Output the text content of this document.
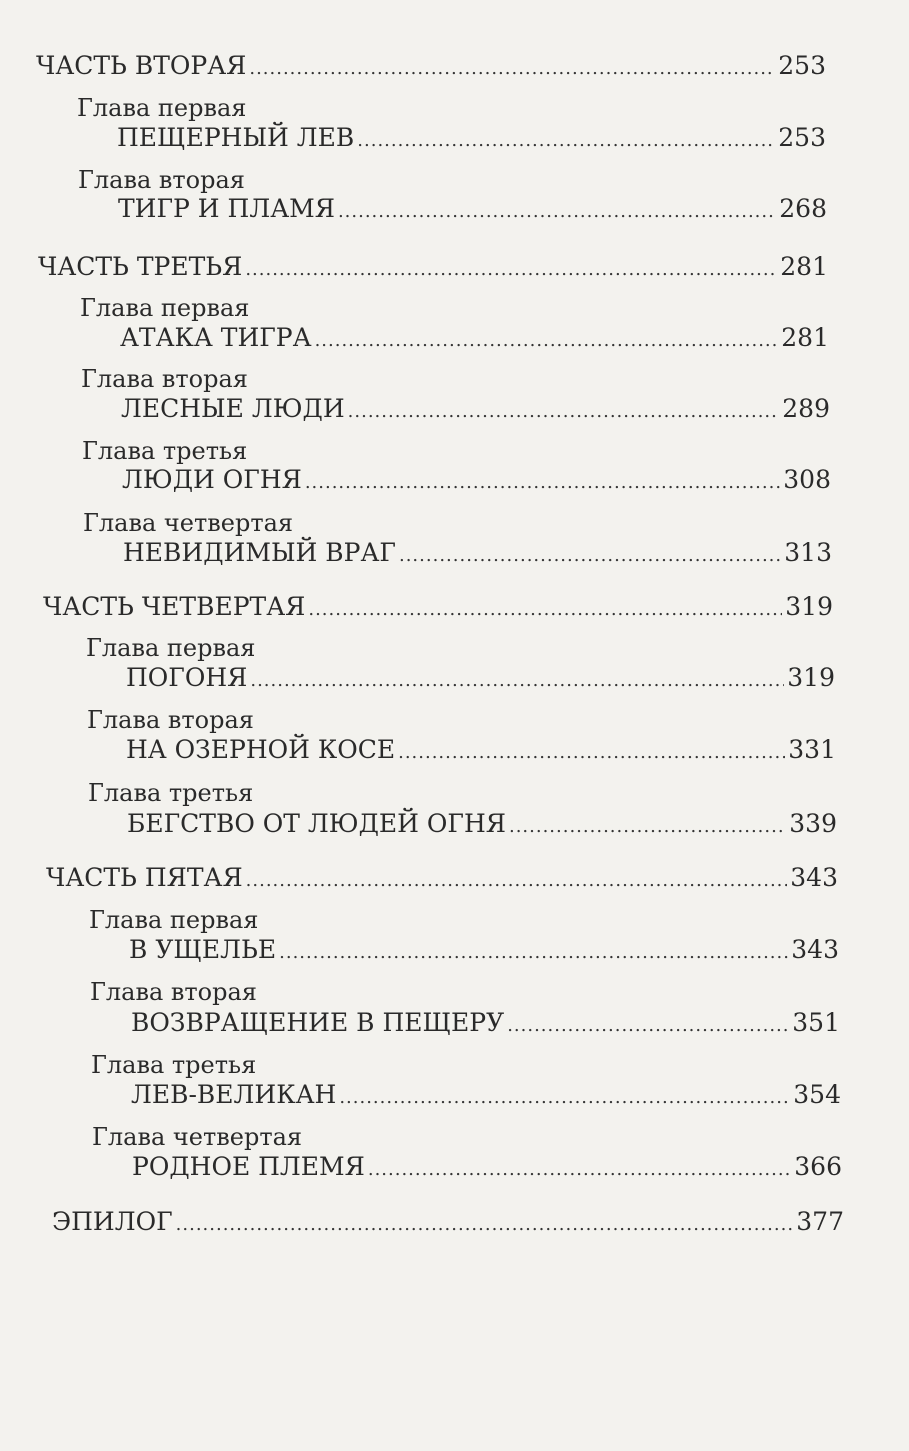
ЧАСТЬ ВТОРАЯ .....	253
Глава первая
ПЕЩЕРНЫЙ ЛЕВ .....	253
Глава вторая
ТИГР И ПЛАМЯ .....	268
ЧАСТЬ ТРЕТЬЯ .....	281
Глава первая
АТАКА ТИГРА .....	281
Глава вторая
ЛЕСНЫЕ ЛЮДИ .....	289
Глава третья
ЛЮДИ ОГНЯ .....	308
Глава четвертая
НЕВИДИМЫЙ ВРАГ .....	313
ЧАСТЬ ЧЕТВЕРТАЯ .....	319
Глава первая
ПОГОНЯ .....	319
Глава вторая
НА ОЗЕРНОЙ КОСЕ .....	331
Глава третья
БЕГСТВО ОТ ЛЮДЕЙ ОГНЯ .....	339
ЧАСТЬ ПЯТАЯ .....	343
Глава первая
В УЩЕЛЬЕ .....	343
Глава вторая
ВОЗВРАЩЕНИЕ В ПЕЩЕРУ .....	351
Глава третья
ЛЕВ-ВЕЛИКАН .....	354
Глава четвертая
РОДНОЕ ПЛЕМЯ .....	366
ЭПИЛОГ .....	377
